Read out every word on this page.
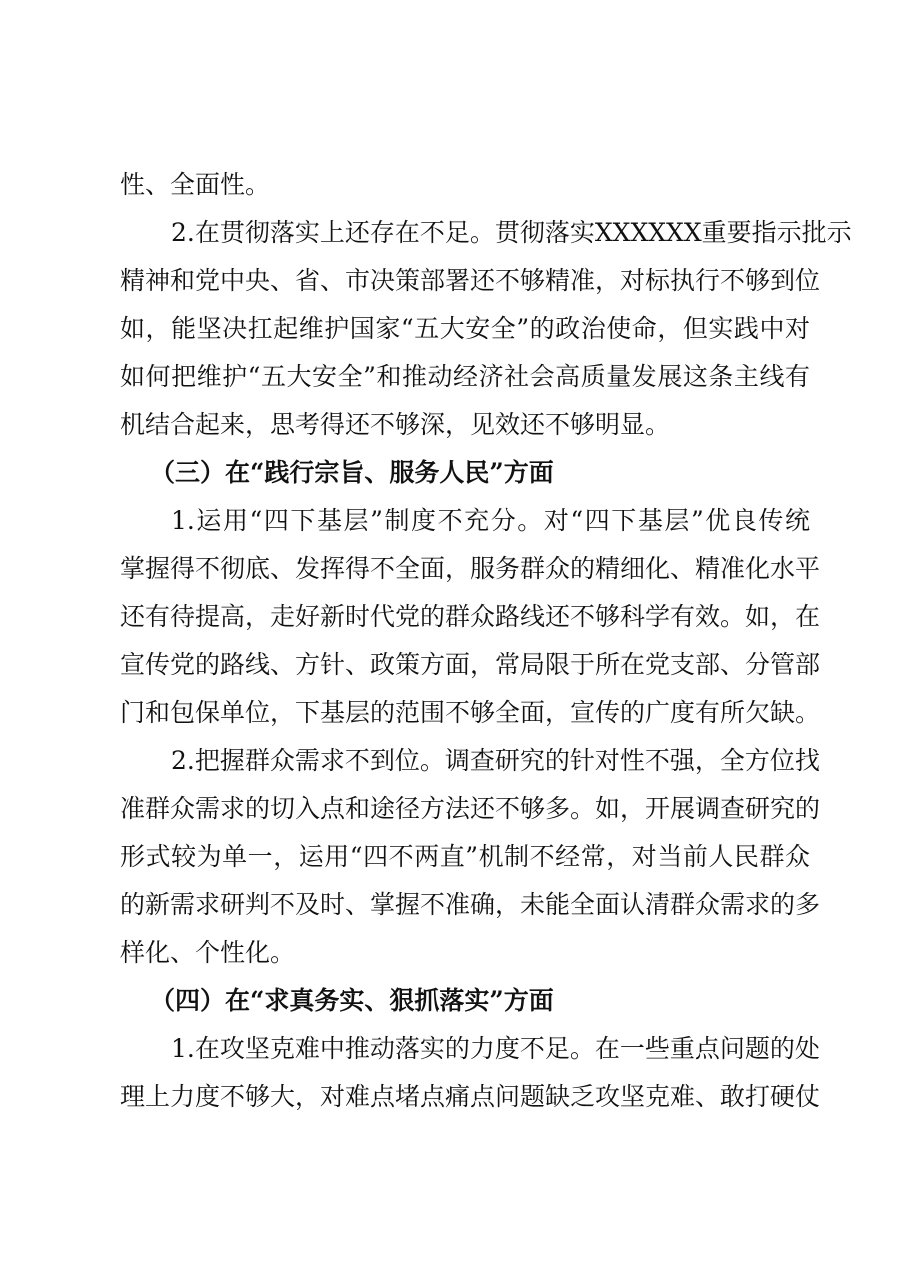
性、全面性。
2.在贯彻落实上还存在不足。贯彻落实XXXXXX重要指示批示
精神和党中央、省、市决策部署还不够精准，对标执行不够到位
如，能坚决扛起维护国家“五大安全”的政治使命，但实践中对
如何把维护“五大安全”和推动经济社会高质量发展这条主线有
机结合起来，思考得还不够深，见效还不够明显。
（三）在“践行宗旨、服务人民”方面
1.运用“四下基层”制度不充分。对“四下基层”优良传统
掌握得不彻底、发挥得不全面，服务群众的精细化、精准化水平
还有待提高，走好新时代党的群众路线还不够科学有效。如，在
宣传党的路线、方针、政策方面，常局限于所在党支部、分管部
门和包保单位，下基层的范围不够全面，宣传的广度有所欠缺。
2.把握群众需求不到位。调查研究的针对性不强，全方位找
准群众需求的切入点和途径方法还不够多。如，开展调查研究的
形式较为单一，运用“四不两直”机制不经常，对当前人民群众
的新需求研判不及时、掌握不准确，未能全面认清群众需求的多
样化、个性化。
（四）在“求真务实、狠抓落实”方面
1.在攻坚克难中推动落实的力度不足。在一些重点问题的处
理上力度不够大，对难点堵点痛点问题缺乏攻坚克难、敢打硬仗
